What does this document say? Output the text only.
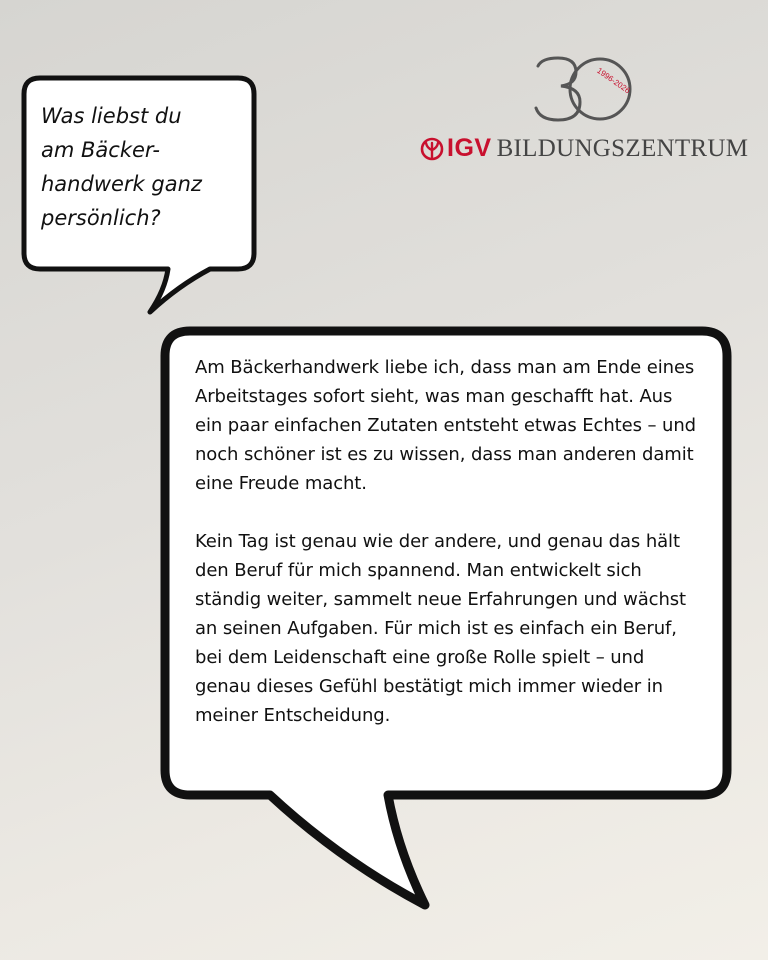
Was liebst du
am Bäcker-
handwerk ganz
persönlich?

Am Bäckerhandwerk liebe ich, dass man am Ende eines Arbeitstages sofort sieht, was man geschafft hat. Aus ein paar einfachen Zutaten entsteht etwas Echtes – und noch schöner ist es zu wissen, dass man anderen damit eine Freude macht.

Kein Tag ist genau wie der andere, und genau das hält den Beruf für mich spannend. Man entwickelt sich ständig weiter, sammelt neue Erfahrungen und wächst an seinen Aufgaben. Für mich ist es einfach ein Beruf, bei dem Leidenschaft eine große Rolle spielt – und genau dieses Gefühl bestätigt mich immer wieder in meiner Entscheidung.

1996-2026
IGV BILDUNGSZENTRUM
